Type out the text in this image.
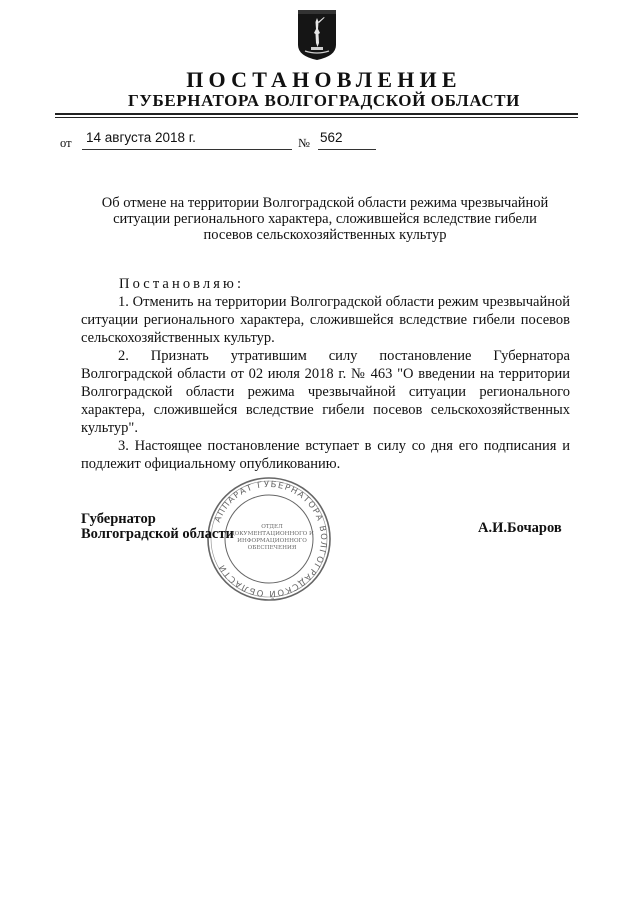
ПОСТАНОВЛЕНИЕ
ГУБЕРНАТОРА ВОЛГОГРАДСКОЙ ОБЛАСТИ
от 14 августа 2018 г.	№ 562
Об отмене на территории Волгоградской области режима чрезвычайной
ситуации регионального характера, сложившейся вследствие гибели
посевов сельскохозяйственных культур
Постановляю:

1. Отменить на территории Волгоградской области режим чрезвычайной ситуации регионального характера, сложившейся вследствие гибели посевов сельскохозяйственных культур.

2. Признать утратившим силу постановление Губернатора Волгоградской области от 02 июля 2018 г. № 463 "О введении на территории Волгоградской области режима чрезвычайной ситуации регионального характера, сложившейся вследствие гибели посевов сельскохозяйственных культур".

3. Настоящее постановление вступает в силу со дня его подписания и подлежит официальному опубликованию.

АППАРАТ ГУБЕРНАТОРА ВОЛГОГРАДСКОЙ ОБЛАСТИ
ОТДЕЛ
ДОКУМЕНТАЦИОННОГО И
ИНФОРМАЦИОННОГО
ОБЕСПЕЧЕНИЯ
Губернатор
Волгоградской области	А.И.Бочаров
